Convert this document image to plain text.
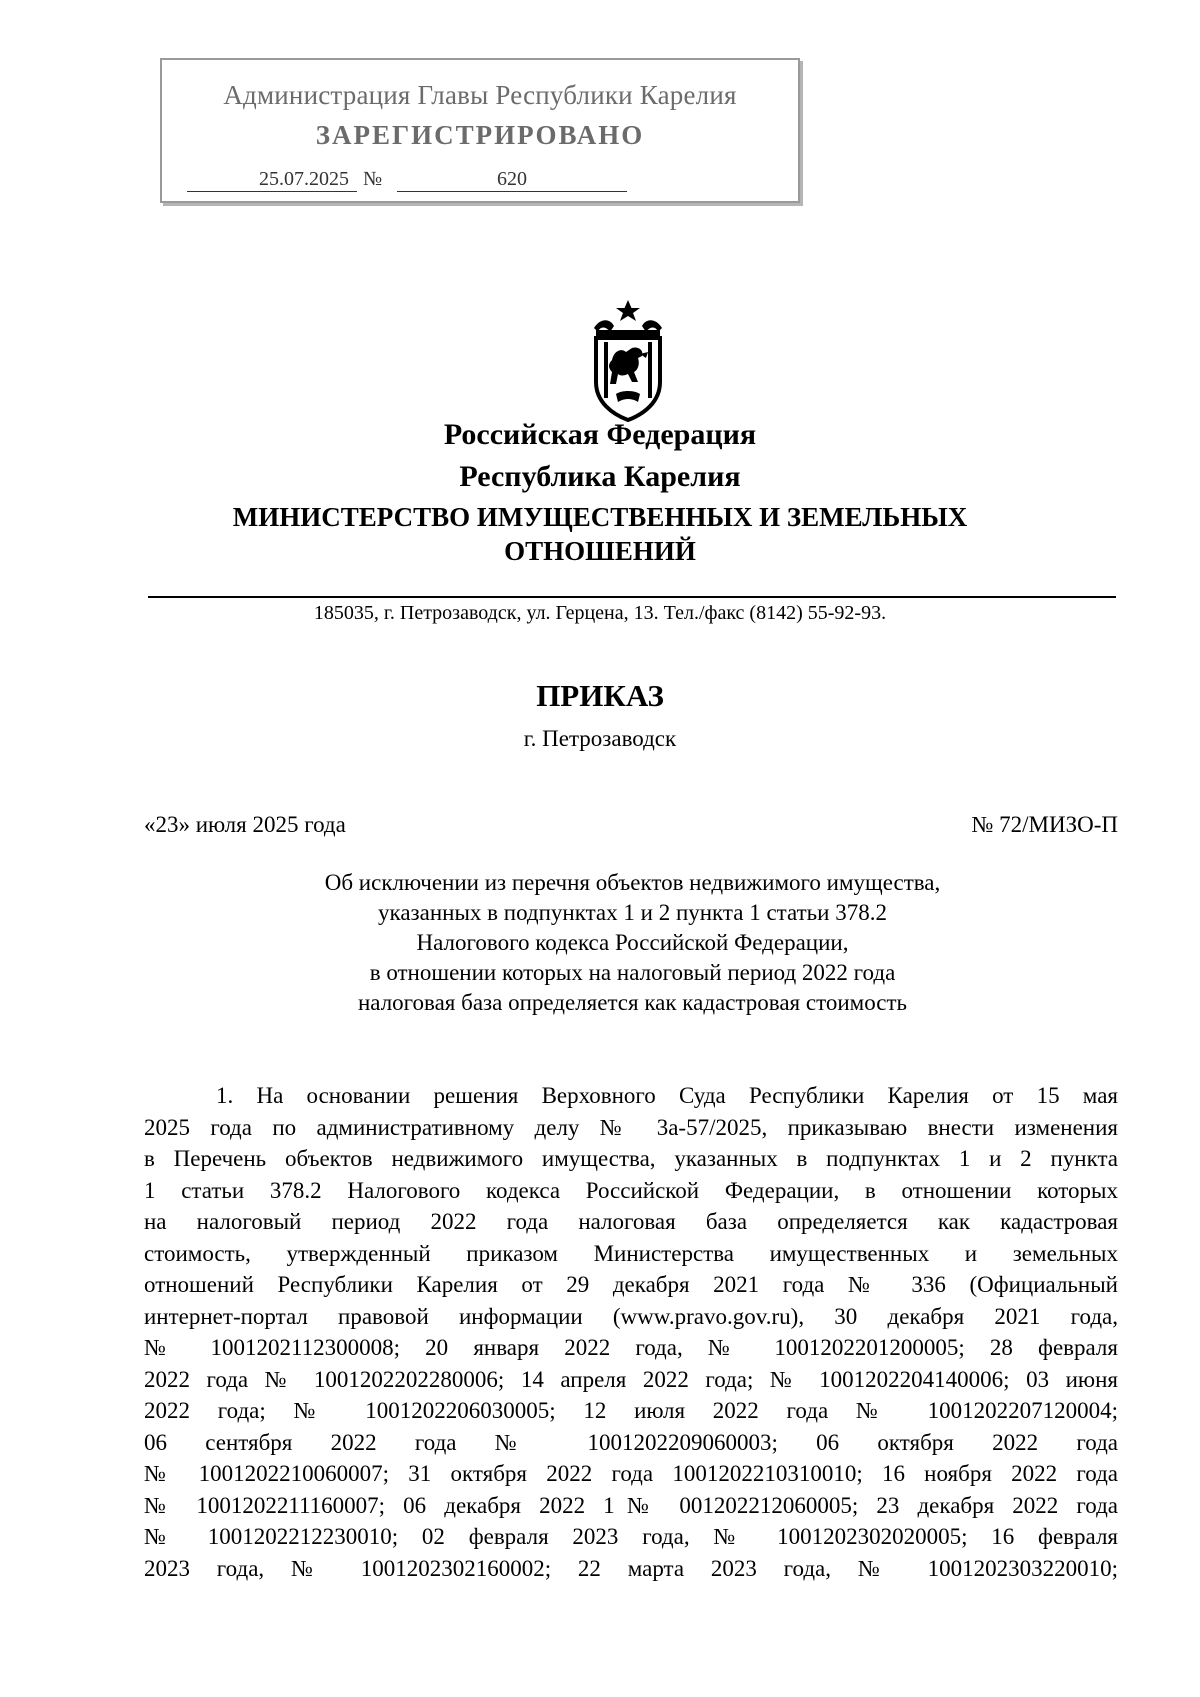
Администрация Главы Республики Карелия
ЗАРЕГИСТРИРОВАНО
25.07.2025 №	620
Российская Федерация
Республика Карелия
МИНИСТЕРСТВО ИМУЩЕСТВЕННЫХ И ЗЕМЕЛЬНЫХ
ОТНОШЕНИЙ
185035, г. Петрозаводск, ул. Герцена, 13. Тел./факс (8142) 55-92-93.
ПРИКАЗ
г. Петрозаводск
«23» июля 2025 года	№ 72/МИЗО-П
Об исключении из перечня объектов недвижимого имущества,
указанных в подпунктах 1 и 2 пункта 1 статьи 378.2
Налогового кодекса Российской Федерации,
в отношении которых на налоговый период 2022 года
налоговая база определяется как кадастровая стоимость
1. На основании решения Верховного Суда Республики Карелия от 15 мая
2025 года по административному делу № 3а-57/2025, приказываю внести изменения
в Перечень объектов недвижимого имущества, указанных в подпунктах 1 и 2 пункта
1 статьи 378.2 Налогового кодекса Российской Федерации, в отношении которых
на налоговый период 2022 года налоговая база определяется как кадастровая
стоимость, утвержденный приказом Министерства имущественных и земельных
отношений Республики Карелия от 29 декабря 2021 года № 336 (Официальный
интернет-портал правовой информации (www.pravo.gov.ru), 30 декабря 2021 года,
№ 1001202112300008; 20 января 2022 года, № 1001202201200005; 28 февраля
2022 года № 1001202202280006; 14 апреля 2022 года; № 1001202204140006; 03 июня
2022 года; № 1001202206030005; 12 июля 2022 года № 1001202207120004;
06 сентября 2022 года № 1001202209060003; 06 октября 2022 года
№ 1001202210060007; 31 октября 2022 года 1001202210310010; 16 ноября 2022 года
№ 1001202211160007; 06 декабря 2022 1№ 001202212060005; 23 декабря 2022 года
№ 1001202212230010; 02 февраля 2023 года, № 1001202302020005; 16 февраля
2023 года, № 1001202302160002; 22 марта 2023 года, № 1001202303220010;
